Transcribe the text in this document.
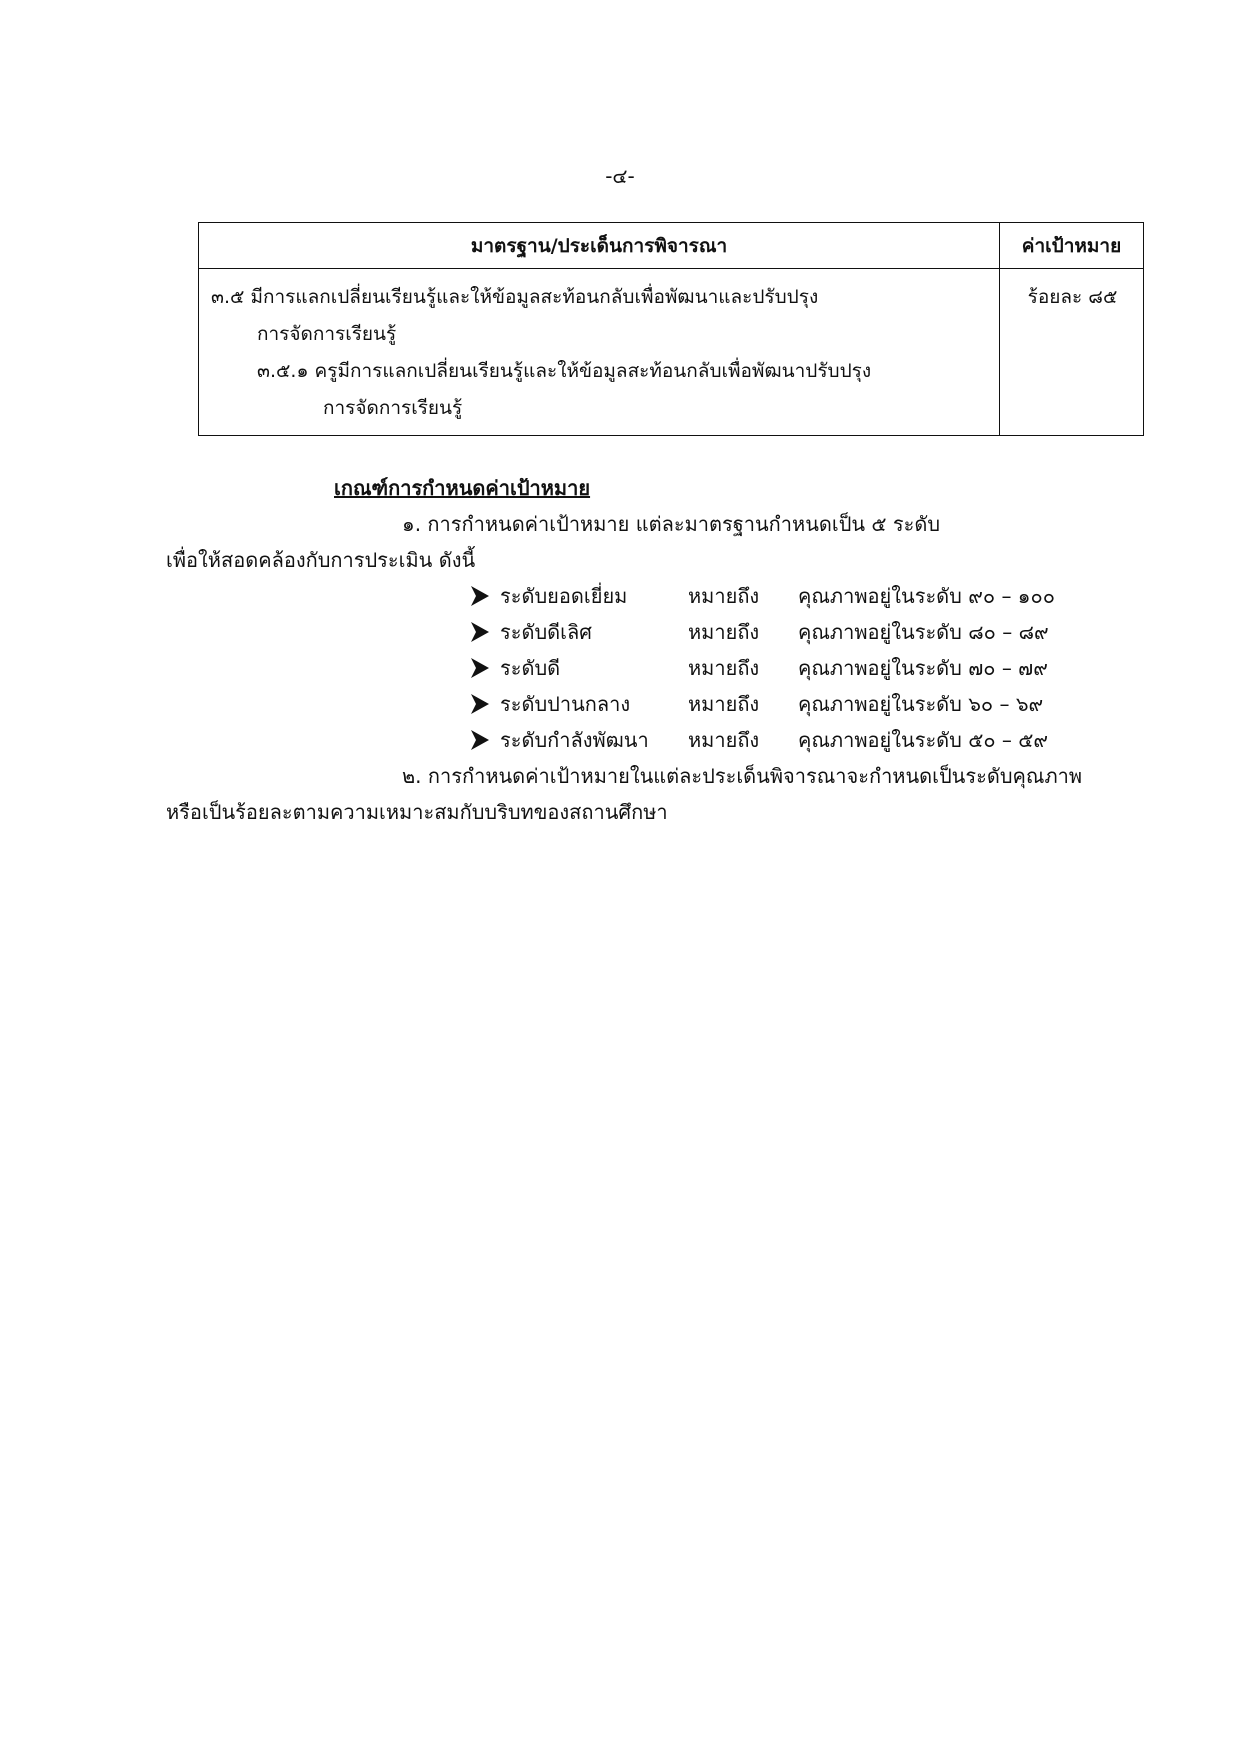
-๔-
มาตรฐาน/ประเด็นการพิจารณา	ค่าเป้าหมาย

๓.๕ มีการแลกเปลี่ยนเรียนรู้และให้ข้อมูลสะท้อนกลับเพื่อพัฒนาและปรับปรุง
การจัดการเรียนรู้
๓.๕.๑ ครูมีการแลกเปลี่ยนเรียนรู้และให้ข้อมูลสะท้อนกลับเพื่อพัฒนาปรับปรุง
การจัดการเรียนรู้	ร้อยละ ๘๕
เกณฑ์การกำหนดค่าเป้าหมาย
๑. การกำหนดค่าเป้าหมาย แต่ละมาตรฐานกำหนดเป็น ๕ ระดับ
เพื่อให้สอดคล้องกับการประเมิน ดังนี้
ระดับยอดเยี่ยม	หมายถึง	คุณภาพอยู่ในระดับ ๙๐ – ๑๐๐
ระดับดีเลิศ	หมายถึง	คุณภาพอยู่ในระดับ ๘๐ – ๘๙
ระดับดี	หมายถึง	คุณภาพอยู่ในระดับ ๗๐ – ๗๙
ระดับปานกลาง	หมายถึง	คุณภาพอยู่ในระดับ ๖๐ – ๖๙
ระดับกำลังพัฒนา	หมายถึง	คุณภาพอยู่ในระดับ ๕๐ – ๕๙
๒. การกำหนดค่าเป้าหมายในแต่ละประเด็นพิจารณาจะกำหนดเป็นระดับคุณภาพ
หรือเป็นร้อยละตามความเหมาะสมกับบริบทของสถานศึกษา
